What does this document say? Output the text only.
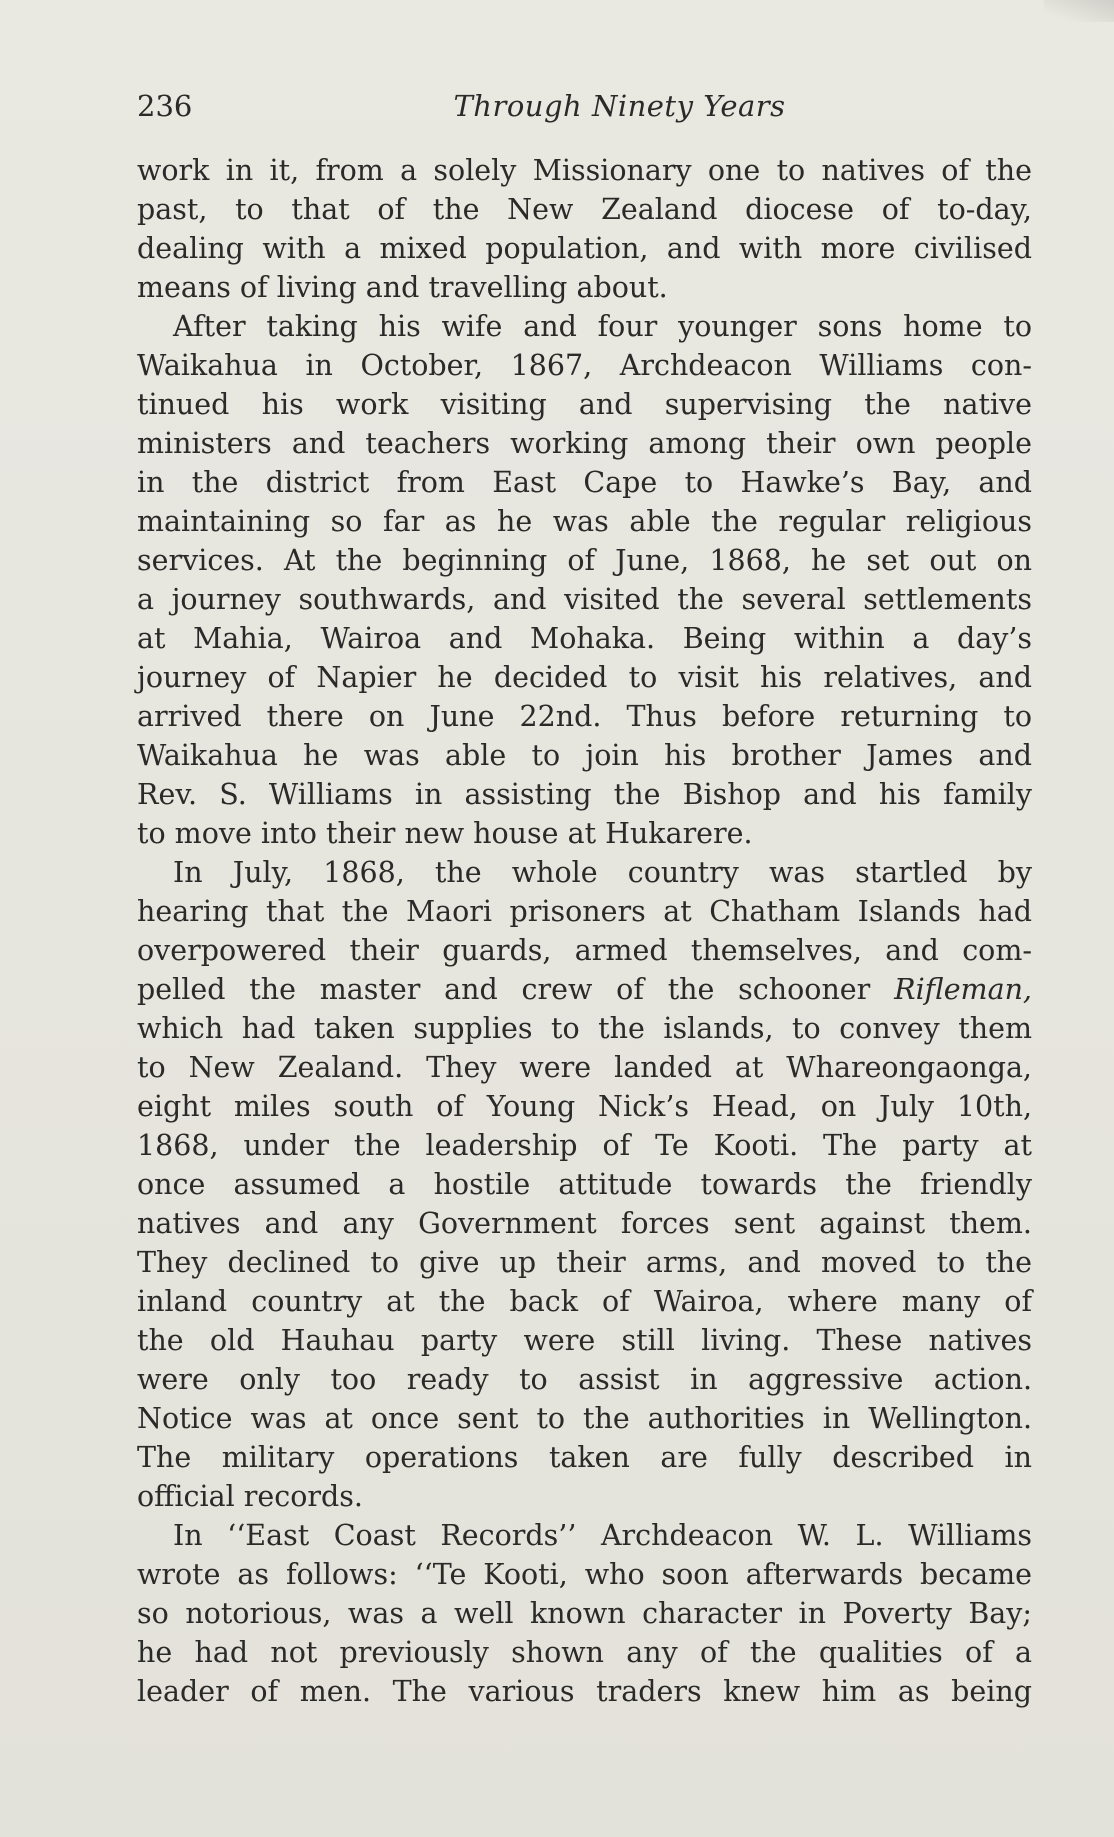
236	Through Ninety Years
work in it, from a solely Missionary one to natives of the
past, to that of the New Zealand diocese of to-day,
dealing with a mixed population, and with more civilised
means of living and travelling about.
After taking his wife and four younger sons home to
Waikahua in October, 1867, Archdeacon Williams con-
tinued his work visiting and supervising the native
ministers and teachers working among their own people
in the district from East Cape to Hawke’s Bay, and
maintaining so far as he was able the regular religious
services. At the beginning of June, 1868, he set out on
a journey southwards, and visited the several settlements
at Mahia, Wairoa and Mohaka. Being within a day’s
journey of Napier he decided to visit his relatives, and
arrived there on June 22nd. Thus before returning to
Waikahua he was able to join his brother James and
Rev. S. Williams in assisting the Bishop and his family
to move into their new house at Hukarere.
In July, 1868, the whole country was startled by
hearing that the Maori prisoners at Chatham Islands had
overpowered their guards, armed themselves, and com-
pelled the master and crew of the schooner Rifleman,
which had taken supplies to the islands, to convey them
to New Zealand. They were landed at Whareongaonga,
eight miles south of Young Nick’s Head, on July 10th,
1868, under the leadership of Te Kooti. The party at
once assumed a hostile attitude towards the friendly
natives and any Government forces sent against them.
They declined to give up their arms, and moved to the
inland country at the back of Wairoa, where many of
the old Hauhau party were still living. These natives
were only too ready to assist in aggressive action.
Notice was at once sent to the authorities in Wellington.
The military operations taken are fully described in
official records.
In ‘‘East Coast Records’’ Archdeacon W. L. Williams
wrote as follows: ‘‘Te Kooti, who soon afterwards became
so notorious, was a well known character in Poverty Bay;
he had not previously shown any of the qualities of a
leader of men. The various traders knew him as being
